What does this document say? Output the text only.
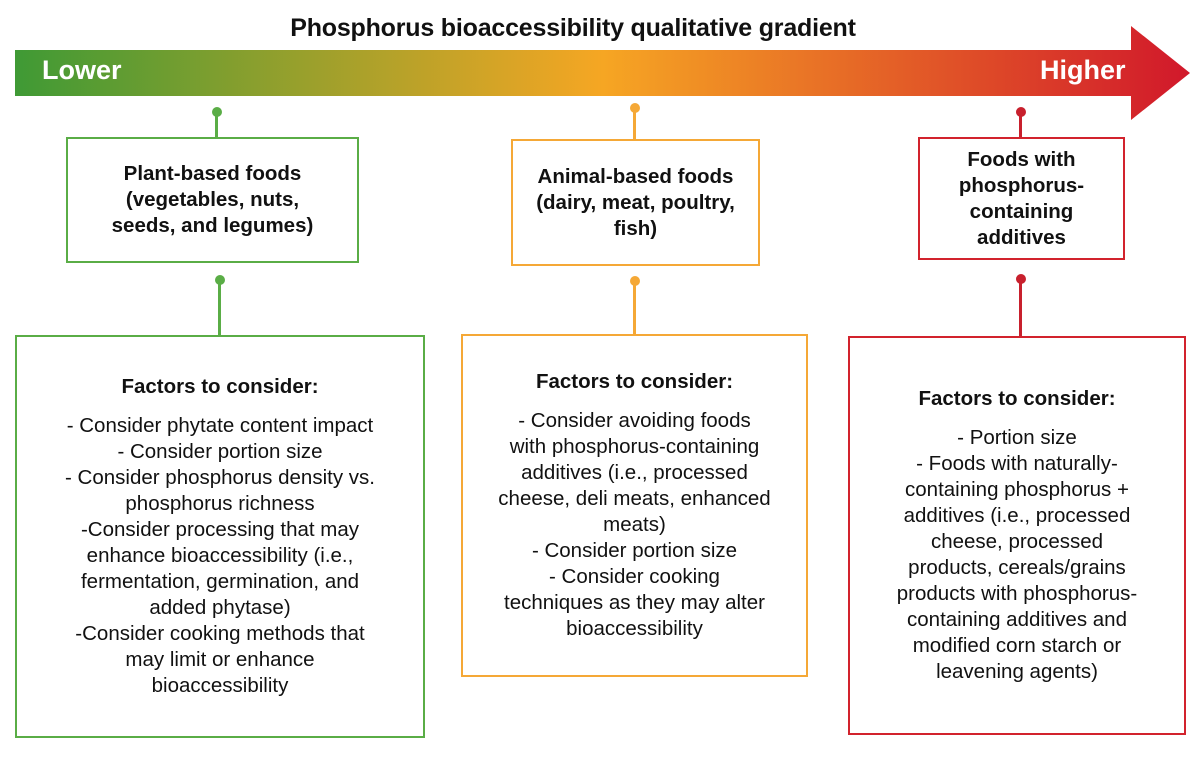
Phosphorus bioaccessibility qualitative gradient
Lower	Higher
Plant-based foods
(vegetables, nuts,
seeds, and legumes)
Factors to consider:
- Consider phytate content impact
- Consider portion size
- Consider phosphorus density vs.
phosphorus richness
-Consider processing that may
enhance bioaccessibility (i.e.,
fermentation, germination, and
added phytase)
-Consider cooking methods that
may limit or enhance
bioaccessibility
Animal-based foods
(dairy, meat, poultry,
fish)
Factors to consider:
- Consider avoiding foods
with phosphorus-containing
additives (i.e., processed
cheese, deli meats, enhanced
meats)
- Consider portion size
- Consider cooking
techniques as they may alter
bioaccessibility
Foods with
phosphorus-
containing
additives
Factors to consider:
- Portion size
- Foods with naturally-
containing phosphorus +
additives (i.e., processed
cheese, processed
products, cereals/grains
products with phosphorus-
containing additives and
modified corn starch or
leavening agents)
